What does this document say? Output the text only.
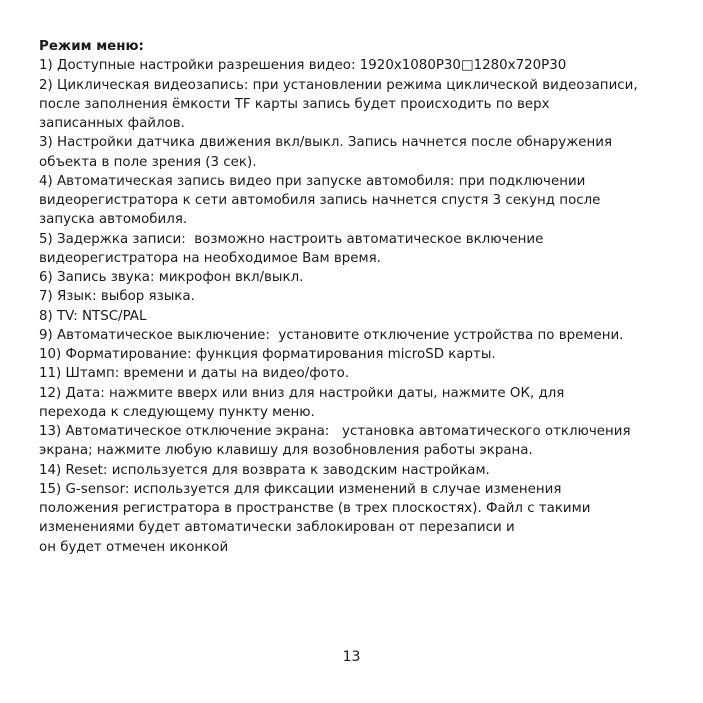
Режим меню:

1) Доступные настройки разрешения видео: 1920x1080P30□1280x720P30

2) Циклическая видеозапись: при установлении режима циклической видеозаписи,
после заполнения ёмкости TF карты запись будет происходить по верх
записанных файлов.

3) Настройки датчика движения вкл/выкл. Запись начнется после обнаружения
объекта в поле зрения (3 сек).

4) Автоматическая запись видео при запуске автомобиля: при подключении
видеорегистратора к сети автомобиля запись начнется спустя 3 секунд после
запуска автомобиля.

5) Задержка записи:  возможно настроить автоматическое включение
видеорегистратора на необходимое Вам время.

6) Запись звука: микрофон вкл/выкл.

7) Язык: выбор языка.

8) TV: NTSC/PAL

9) Автоматическое выключение:  установите отключение устройства по времени.

10) Форматирование: функция форматирования microSD карты.

11) Штамп: времени и даты на видео/фото.

12) Дата: нажмите вверх или вниз для настройки даты, нажмите ОК, для
перехода к следующему пункту меню.

13) Автоматическое отключение экрана:   установка автоматического отключения
экрана; нажмите любую клавишу для возобновления работы экрана.

14) Reset: используется для возврата к заводским настройкам.

15) G-sensor: используется для фиксации изменений в случае изменения
положения регистратора в пространстве (в трех плоскостях). Файл с такими
изменениями будет автоматически заблокирован от перезаписи и
он будет отмечен иконкой

13
